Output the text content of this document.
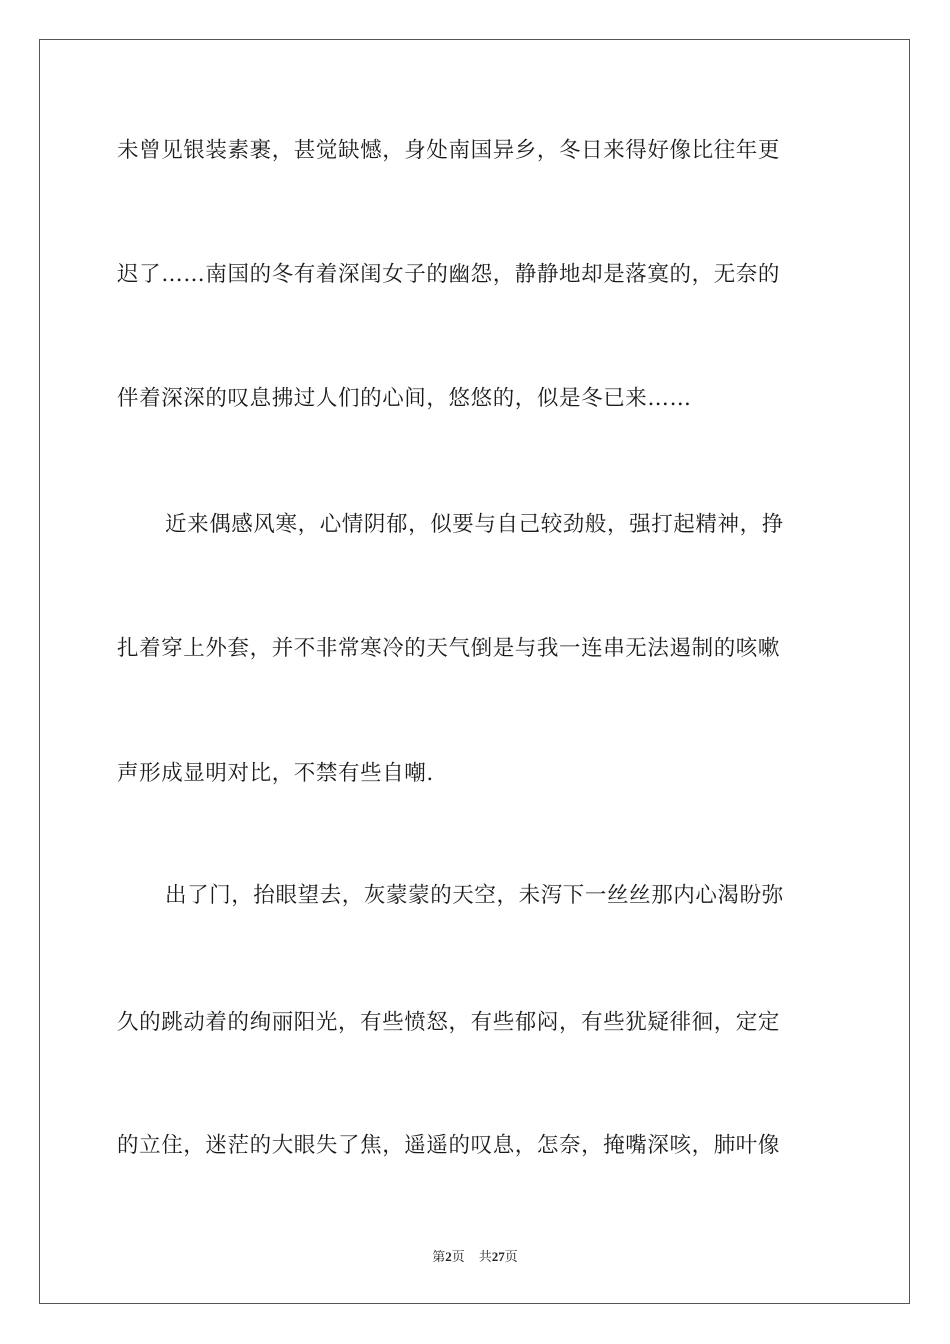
未曾见银装素裹，甚觉缺憾，身处南国异乡，冬日来得好像比往年更
迟了……南国的冬有着深闺女子的幽怨，静静地却是落寞的，无奈的
伴着深深的叹息拂过人们的心间，悠悠的，似是冬已来……
近来偶感风寒，心情阴郁，似要与自己较劲般，强打起精神，挣
扎着穿上外套，并不非常寒冷的天气倒是与我一连串无法遏制的咳嗽
声形成显明对比，不禁有些自嘲.
出了门，抬眼望去，灰蒙蒙的天空，未泻下一丝丝那内心渴盼弥
久的跳动着的绚丽阳光，有些愤怒，有些郁闷，有些犹疑徘徊，定定
的立住，迷茫的大眼失了焦，遥遥的叹息，怎奈，掩嘴深咳，肺叶像
第2页 共27页
